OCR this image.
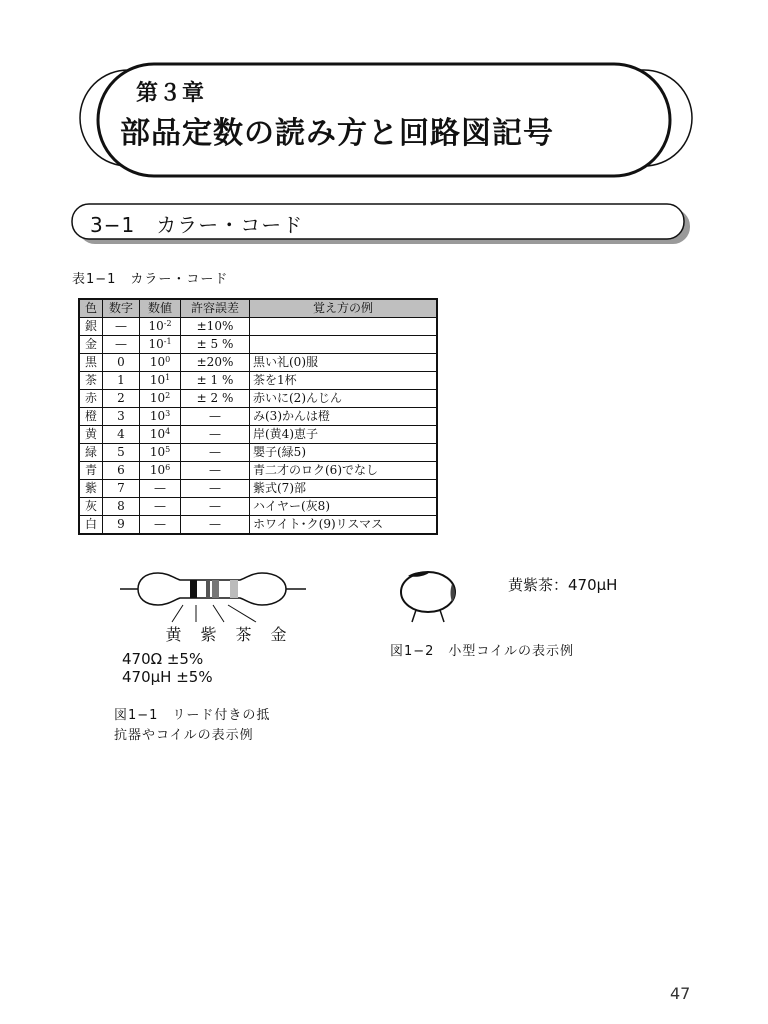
第３章
部品定数の読み方と回路図記号
3−1　カラー・コード
表1−1　カラー・コード
色	数字	数値	許容誤差	覚え方の例
銀	—	$10^{-2}$	±10%	
金	—	$10^{-1}$	± 5 %	
黒	0	$10^0$	±20%	黒い礼(0)服
茶	1	$10^1$	± 1 %	茶を1杯
赤	2	$10^2$	± 2 %	赤いに(2)んじん
橙	3	$10^3$	—	み(3)かんは橙
黄	4	$10^4$	—	岸(黄4)恵子
緑	5	$10^5$	—	嬰子(緑5)
青	6	$10^6$	—	青二才のロク(6)でなし
紫	7	—	—	紫式(7)部
灰	8	—	—	ハイヤー(灰8)
白	9	—	—	ホワイト･ク(9)リスマス
黄 紫 茶 金
470Ω ±5%
470μH ±5%
図1−1　リード付きの抵
抗器やコイルの表示例
黄紫茶：470μH
図1−2　小型コイルの表示例
47
